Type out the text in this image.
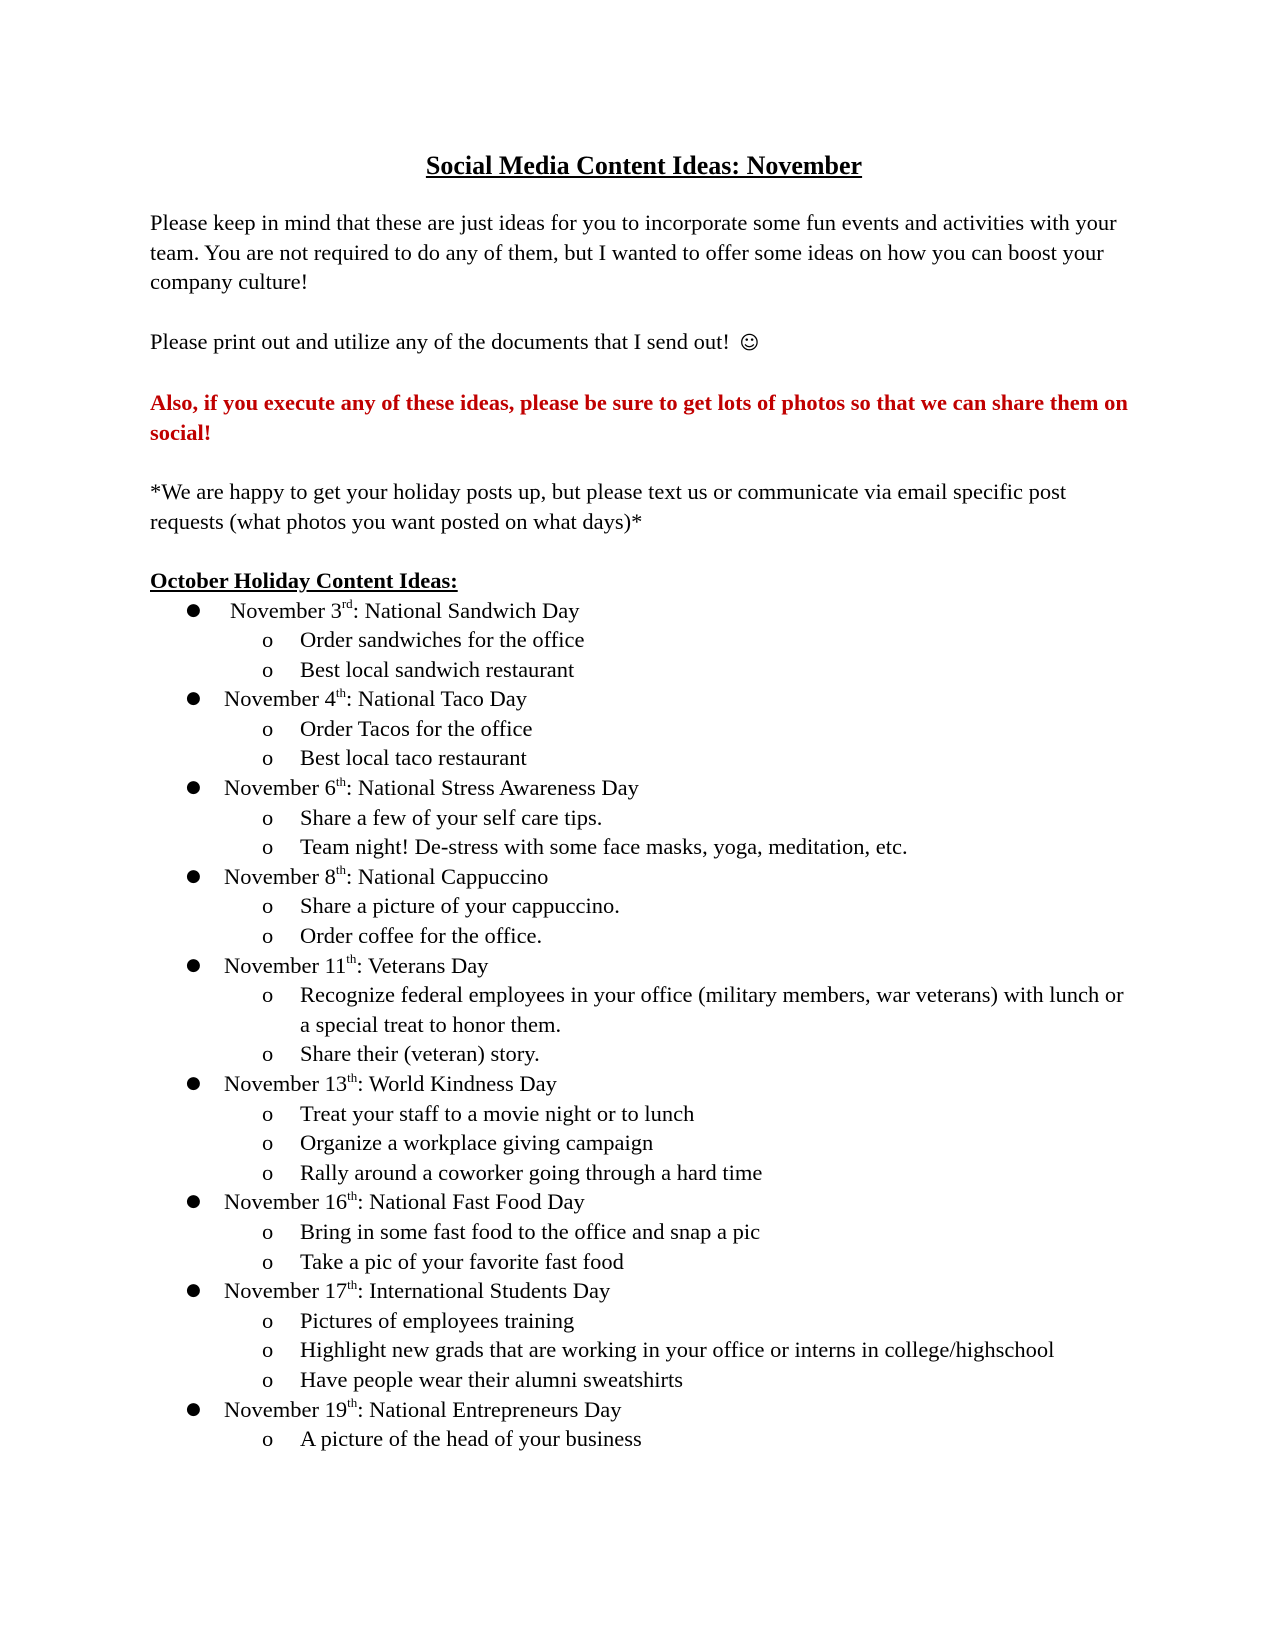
Social Media Content Ideas: November

Please keep in mind that these are just ideas for you to incorporate some fun events and activities with your team. You are not required to do any of them, but I wanted to offer some ideas on how you can boost your company culture!

Please print out and utilize any of the documents that I send out! ☺

Also, if you execute any of these ideas, please be sure to get lots of photos so that we can share them on social!

*We are happy to get your holiday posts up, but please text us or communicate via email specific post requests (what photos you want posted on what days)*

October Holiday Content Ideas:
● November 3rd: National Sandwich Day
o Order sandwiches for the office
o Best local sandwich restaurant
● November 4th: National Taco Day
o Order Tacos for the office
o Best local taco restaurant
● November 6th: National Stress Awareness Day
o Share a few of your self care tips.
o Team night! De-stress with some face masks, yoga, meditation, etc.
● November 8th: National Cappuccino
o Share a picture of your cappuccino.
o Order coffee for the office.
● November 11th: Veterans Day
o Recognize federal employees in your office (military members, war veterans) with lunch or a special treat to honor them.
o Share their (veteran) story.
● November 13th: World Kindness Day
o Treat your staff to a movie night or to lunch
o Organize a workplace giving campaign
o Rally around a coworker going through a hard time
● November 16th: National Fast Food Day
o Bring in some fast food to the office and snap a pic
o Take a pic of your favorite fast food
● November 17th: International Students Day
o Pictures of employees training
o Highlight new grads that are working in your office or interns in college/highschool
o Have people wear their alumni sweatshirts
● November 19th: National Entrepreneurs Day
o A picture of the head of your business
